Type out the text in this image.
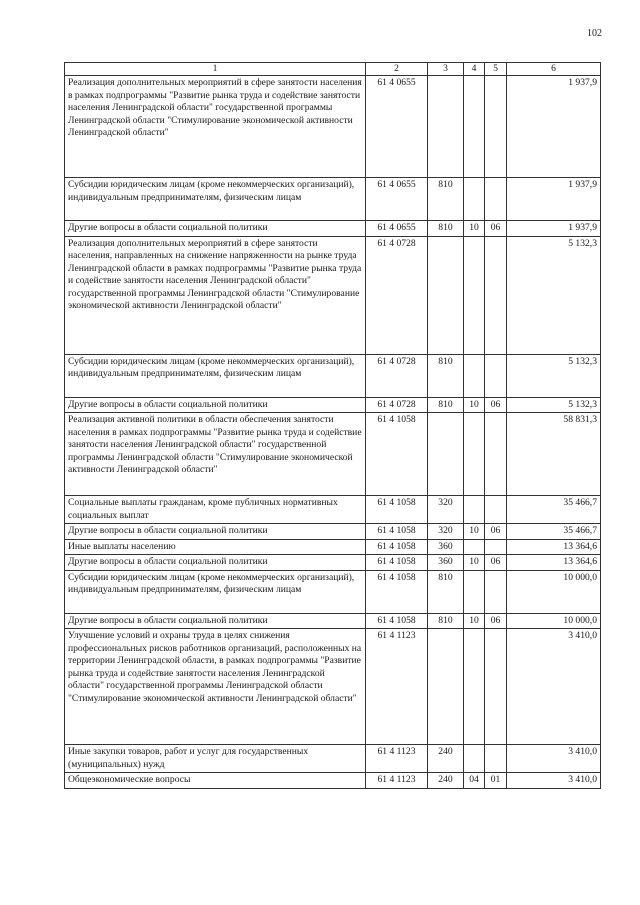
102
1	2	3	4	5	6
Реализация дополнительных мероприятий в сфере занятости населения в рамках подпрограммы "Развитие рынка труда и содействие занятости населения Ленинградской области" государственной программы Ленинградской области "Стимулирование экономической активности Ленинградской области"	61 4 0655				1 937,9
Субсидии юридическим лицам (кроме некоммерческих организаций), индивидуальным предпринимателям, физическим лицам	61 4 0655	810			1 937,9
Другие вопросы в области социальной политики	61 4 0655	810	10	06	1 937,9
Реализация дополнительных мероприятий в сфере занятости населения, направленных на снижение напряженности на рынке труда Ленинградской области в рамках подпрограммы "Развитие рынка труда и содействие занятости населения Ленинградской области" государственной программы Ленинградской области "Стимулирование экономической активности Ленинградской области"	61 4 0728				5 132,3
Субсидии юридическим лицам (кроме некоммерческих организаций), индивидуальным предпринимателям, физическим лицам	61 4 0728	810			5 132,3
Другие вопросы в области социальной политики	61 4 0728	810	10	06	5 132,3
Реализация активной политики в области обеспечения занятости населения в рамках подпрограммы "Развитие рынка труда и содействие занятости населения Ленинградской области" государственной программы Ленинградской области "Стимулирование экономической активности Ленинградской области"	61 4 1058				58 831,3
Социальные выплаты гражданам, кроме публичных нормативных социальных выплат	61 4 1058	320			35 466,7
Другие вопросы в области социальной политики	61 4 1058	320	10	06	35 466,7
Иные выплаты населению	61 4 1058	360			13 364,6
Другие вопросы в области социальной политики	61 4 1058	360	10	06	13 364,6
Субсидии юридическим лицам (кроме некоммерческих организаций), индивидуальным предпринимателям, физическим лицам	61 4 1058	810			10 000,0
Другие вопросы в области социальной политики	61 4 1058	810	10	06	10 000,0
Улучшение условий и охраны труда в целях снижения профессиональных рисков работников организаций, расположенных на территории Ленинградской области, в рамках подпрограммы "Развитие рынка труда и содействие занятости населения Ленинградской области" государственной программы Ленинградской области "Стимулирование экономической активности Ленинградской области"	61 4 1123				3 410,0
Иные закупки товаров, работ и услуг для государственных (муниципальных) нужд	61 4 1123	240			3 410,0
Общеэкономические вопросы	61 4 1123	240	04	01	3 410,0
